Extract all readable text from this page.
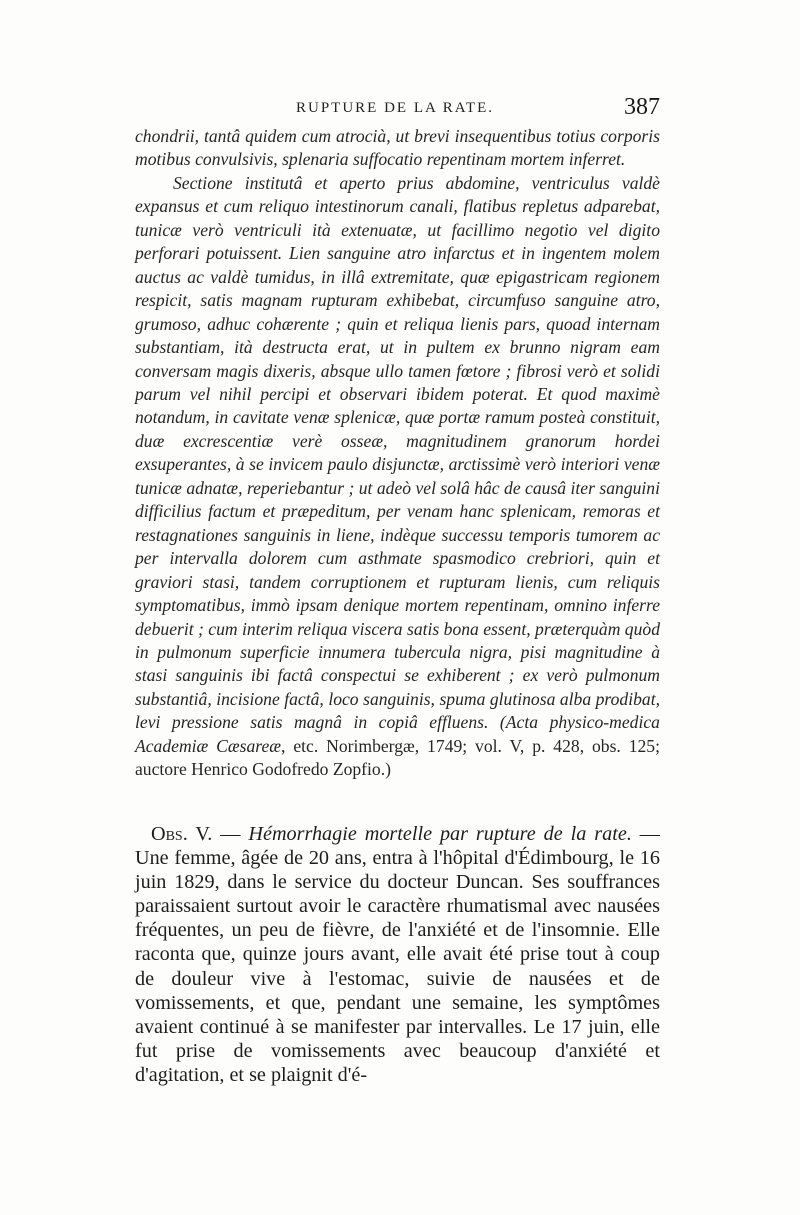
RUPTURE DE LA RATE.	387

chondrii, tantâ quidem cum atrocià, ut brevi insequentibus totius corporis motibus convulsivis, splenaria suffocatio repentinam mortem inferret.

Sectione institutâ et aperto prius abdomine, ventriculus valdè expansus et cum reliquo intestinorum canali, flatibus repletus adparebat, tunicæ verò ventriculi ità extenuatæ, ut facillimo negotio vel digito perforari potuissent. Lien sanguine atro infarctus et in ingentem molem auctus ac valdè tumidus, in illâ extremitate, quæ epigastricam regionem respicit, satis magnam rupturam exhibebat, circumfuso sanguine atro, grumoso, adhuc cohærente ; quin et reliqua lienis pars, quoad internam substantiam, ità destructa erat, ut in pultem ex brunno nigram eam conversam magis dixeris, absque ullo tamen fœtore ; fibrosi verò et solidi parum vel nihil percipi et observari ibidem poterat. Et quod maximè notandum, in cavitate venæ splenicæ, quæ portæ ramum posteà constituit, duæ excrescentiæ verè osseæ, magnitudinem granorum hordei exsuperantes, à se invicem paulo disjunctæ, arctissimè verò interiori venæ tunicæ adnatæ, reperiebantur ; ut adeò vel solâ hâc de causâ iter sanguini difficilius factum et præpeditum, per venam hanc splenicam, remoras et restagnationes sanguinis in liene, indèque successu temporis tumorem ac per intervalla dolorem cum asthmate spasmodico crebriori, quin et graviori stasi, tandem corruptionem et rupturam lienis, cum reliquis symptomatibus, immò ipsam denique mortem repentinam, omnino inferre debuerit ; cum interim reliqua viscera satis bona essent, præterquàm quòd in pulmonum superficie innumera tubercula nigra, pisi magnitudine à stasi sanguinis ibi factâ conspectui se exhiberent ; ex verò pulmonum substantiâ, incisione factâ, loco sanguinis, spuma glutinosa alba prodibat, levi pressione satis magnâ in copiâ effluens. (Acta physico-medica Academiæ Cæsareæ, etc. Norimbergæ, 1749; vol. V, p. 428, obs. 125; auctore Henrico Godofredo Zopfio.)

Obs. V. — Hémorrhagie mortelle par rupture de la rate. — Une femme, âgée de 20 ans, entra à l'hôpital d'Édimbourg, le 16 juin 1829, dans le service du docteur Duncan. Ses souffrances paraissaient surtout avoir le caractère rhumatismal avec nausées fréquentes, un peu de fièvre, de l'anxiété et de l'insomnie. Elle raconta que, quinze jours avant, elle avait été prise tout à coup de douleur vive à l'estomac, suivie de nausées et de vomissements, et que, pendant une semaine, les symptômes avaient continué à se manifester par intervalles. Le 17 juin, elle fut prise de vomissements avec beaucoup d'anxiété et d'agitation, et se plaignit d'é-
